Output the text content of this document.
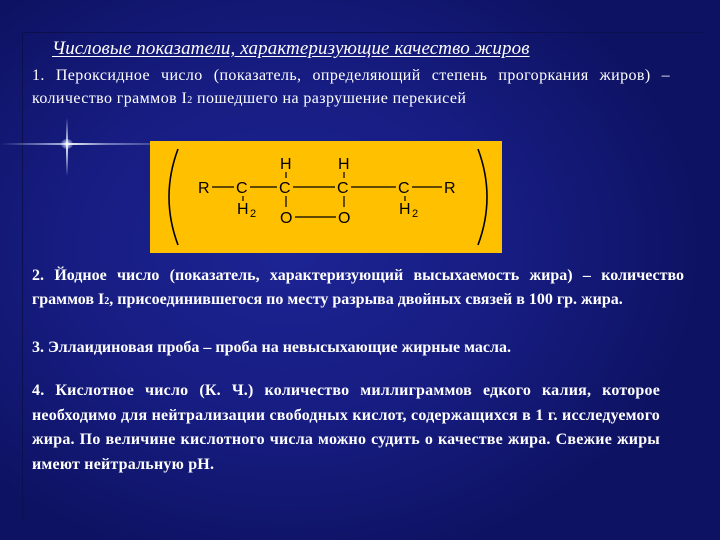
Числовые показатели, характеризующие качество жиров

1. Пероксидное число (показатель, определяющий степень прогоркания жиров) – количество граммов I2 пошедшего на разрушение перекисей

R C C	C	C R
H	H
H 2	H 2
O	O
2. Йодное число (показатель, характеризующий высыхаемость жира) – количество граммов I2, присоединившегося по месту разрыва двойных связей в 100 гр. жира.
3. Эллаидиновая проба – проба на невысыхающие жирные масла.
4. Кислотное число (К. Ч.) количество миллиграммов едкого калия, которое необходимо для нейтрализации свободных кислот, содержащихся в 1 г. исследуемого жира. По величине кислотного числа можно судить о качестве жира. Свежие жиры имеют нейтральную рН.
